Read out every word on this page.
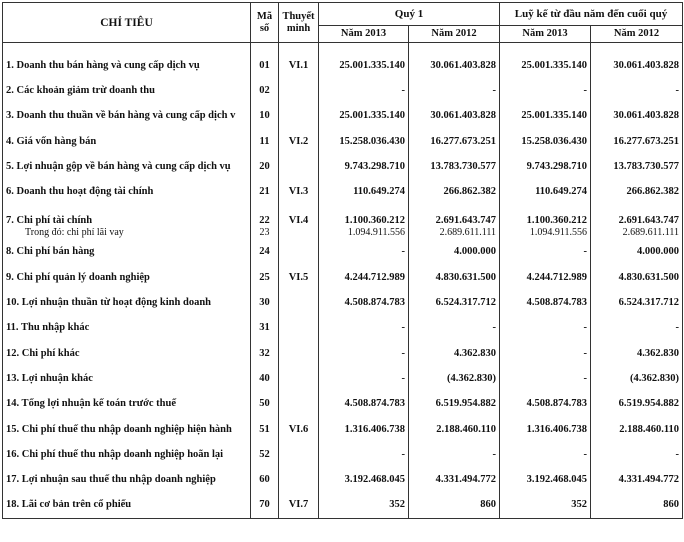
CHỈ TIÊU	Mã số	Thuyết minh	Quý 1		Luỹ kế từ đầu năm đến cuối quý	
			Năm 2013	Năm 2012	Năm 2013	Năm 2012

1. Doanh thu bán hàng và cung cấp dịch vụ	01	VI.1	25.001.335.140	30.061.403.828	25.001.335.140	30.061.403.828
2. Các khoản giảm trừ doanh thu	02		-	-	-	-
3. Doanh thu thuần về bán hàng và cung cấp dịch v	10		25.001.335.140	30.061.403.828	25.001.335.140	30.061.403.828
4. Giá vốn hàng bán	11	VI.2	15.258.036.430	16.277.673.251	15.258.036.430	16.277.673.251
5. Lợi nhuận gộp về bán hàng và cung cấp dịch vụ	20		9.743.298.710	13.783.730.577	9.743.298.710	13.783.730.577
6. Doanh thu hoạt động tài chính	21	VI.3	110.649.274	266.862.382	110.649.274	266.862.382
7. Chi phí tài chính	22	VI.4	1.100.360.212	2.691.643.747	1.100.360.212	2.691.643.747
Trong đó: chi phí lãi vay	23		1.094.911.556	2.689.611.111	1.094.911.556	2.689.611.111
8. Chi phí bán hàng	24		-	4.000.000	-	4.000.000
9. Chi phí quản lý doanh nghiệp	25	VI.5	4.244.712.989	4.830.631.500	4.244.712.989	4.830.631.500
10. Lợi nhuận thuần từ hoạt động kinh doanh	30		4.508.874.783	6.524.317.712	4.508.874.783	6.524.317.712
11. Thu nhập khác	31		-	-	-	-
12. Chi phí khác	32		-	4.362.830	-	4.362.830
13. Lợi nhuận khác	40		-	(4.362.830)	-	(4.362.830)
14. Tổng lợi nhuận kế toán trước thuế	50		4.508.874.783	6.519.954.882	4.508.874.783	6.519.954.882
15. Chi phí thuế thu nhập doanh nghiệp hiện hành	51	VI.6	1.316.406.738	2.188.460.110	1.316.406.738	2.188.460.110
16. Chi phí thuế thu nhập doanh nghiệp hoãn lại	52		-	-	-	-
17. Lợi nhuận sau thuế thu nhập doanh nghiệp	60		3.192.468.045	4.331.494.772	3.192.468.045	4.331.494.772
18. Lãi cơ bản trên cổ phiếu	70	VI.7	352	860	352	860
